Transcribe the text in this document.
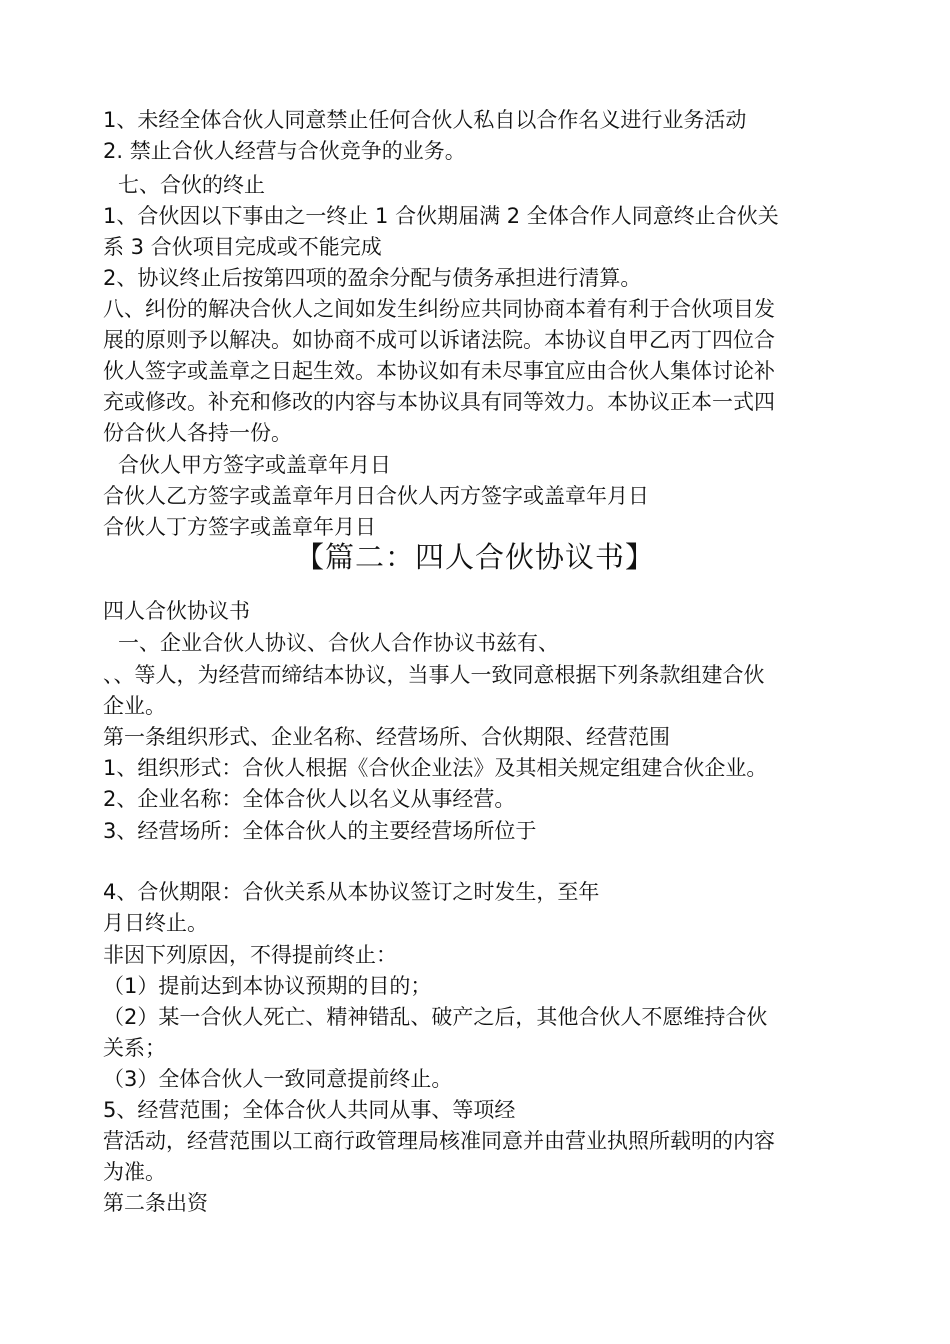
1、未经全体合伙人同意禁止任何合伙人私自以合作名义进行业务活动
2. 禁止合伙人经营与合伙竞争的业务。
七、合伙的终止
1、合伙因以下事由之一终止 1 合伙期届满 2 全体合作人同意终止合伙关
系 3 合伙项目完成或不能完成
2、协议终止后按第四项的盈余分配与债务承担进行清算。
八、纠份的解决合伙人之间如发生纠纷应共同协商本着有利于合伙项目发
展的原则予以解决。如协商不成可以诉诸法院。本协议自甲乙丙丁四位合
伙人签字或盖章之日起生效。本协议如有未尽事宜应由合伙人集体讨论补
充或修改。补充和修改的内容与本协议具有同等效力。本协议正本一式四
份合伙人各持一份。
合伙人甲方签字或盖章年月日
合伙人乙方签字或盖章年月日合伙人丙方签字或盖章年月日
合伙人丁方签字或盖章年月日
【篇二：四人合伙协议书】
四人合伙协议书
一、企业合伙人协议、合伙人合作协议书兹有、
、、等人，为经营而缔结本协议，当事人一致同意根据下列条款组建合伙
企业。
第一条组织形式、企业名称、经营场所、合伙期限、经营范围
1、组织形式：合伙人根据《合伙企业法》及其相关规定组建合伙企业。
2、企业名称：全体合伙人以名义从事经营。
3、经营场所：全体合伙人的主要经营场所位于
4、合伙期限：合伙关系从本协议签订之时发生，至年
月日终止。
非因下列原因，不得提前终止：
（1）提前达到本协议预期的目的；
（2）某一合伙人死亡、精神错乱、破产之后，其他合伙人不愿维持合伙
关系；
（3）全体合伙人一致同意提前终止。
5、经营范围；全体合伙人共同从事、等项经
营活动，经营范围以工商行政管理局核准同意并由营业执照所载明的内容
为准。
第二条出资
